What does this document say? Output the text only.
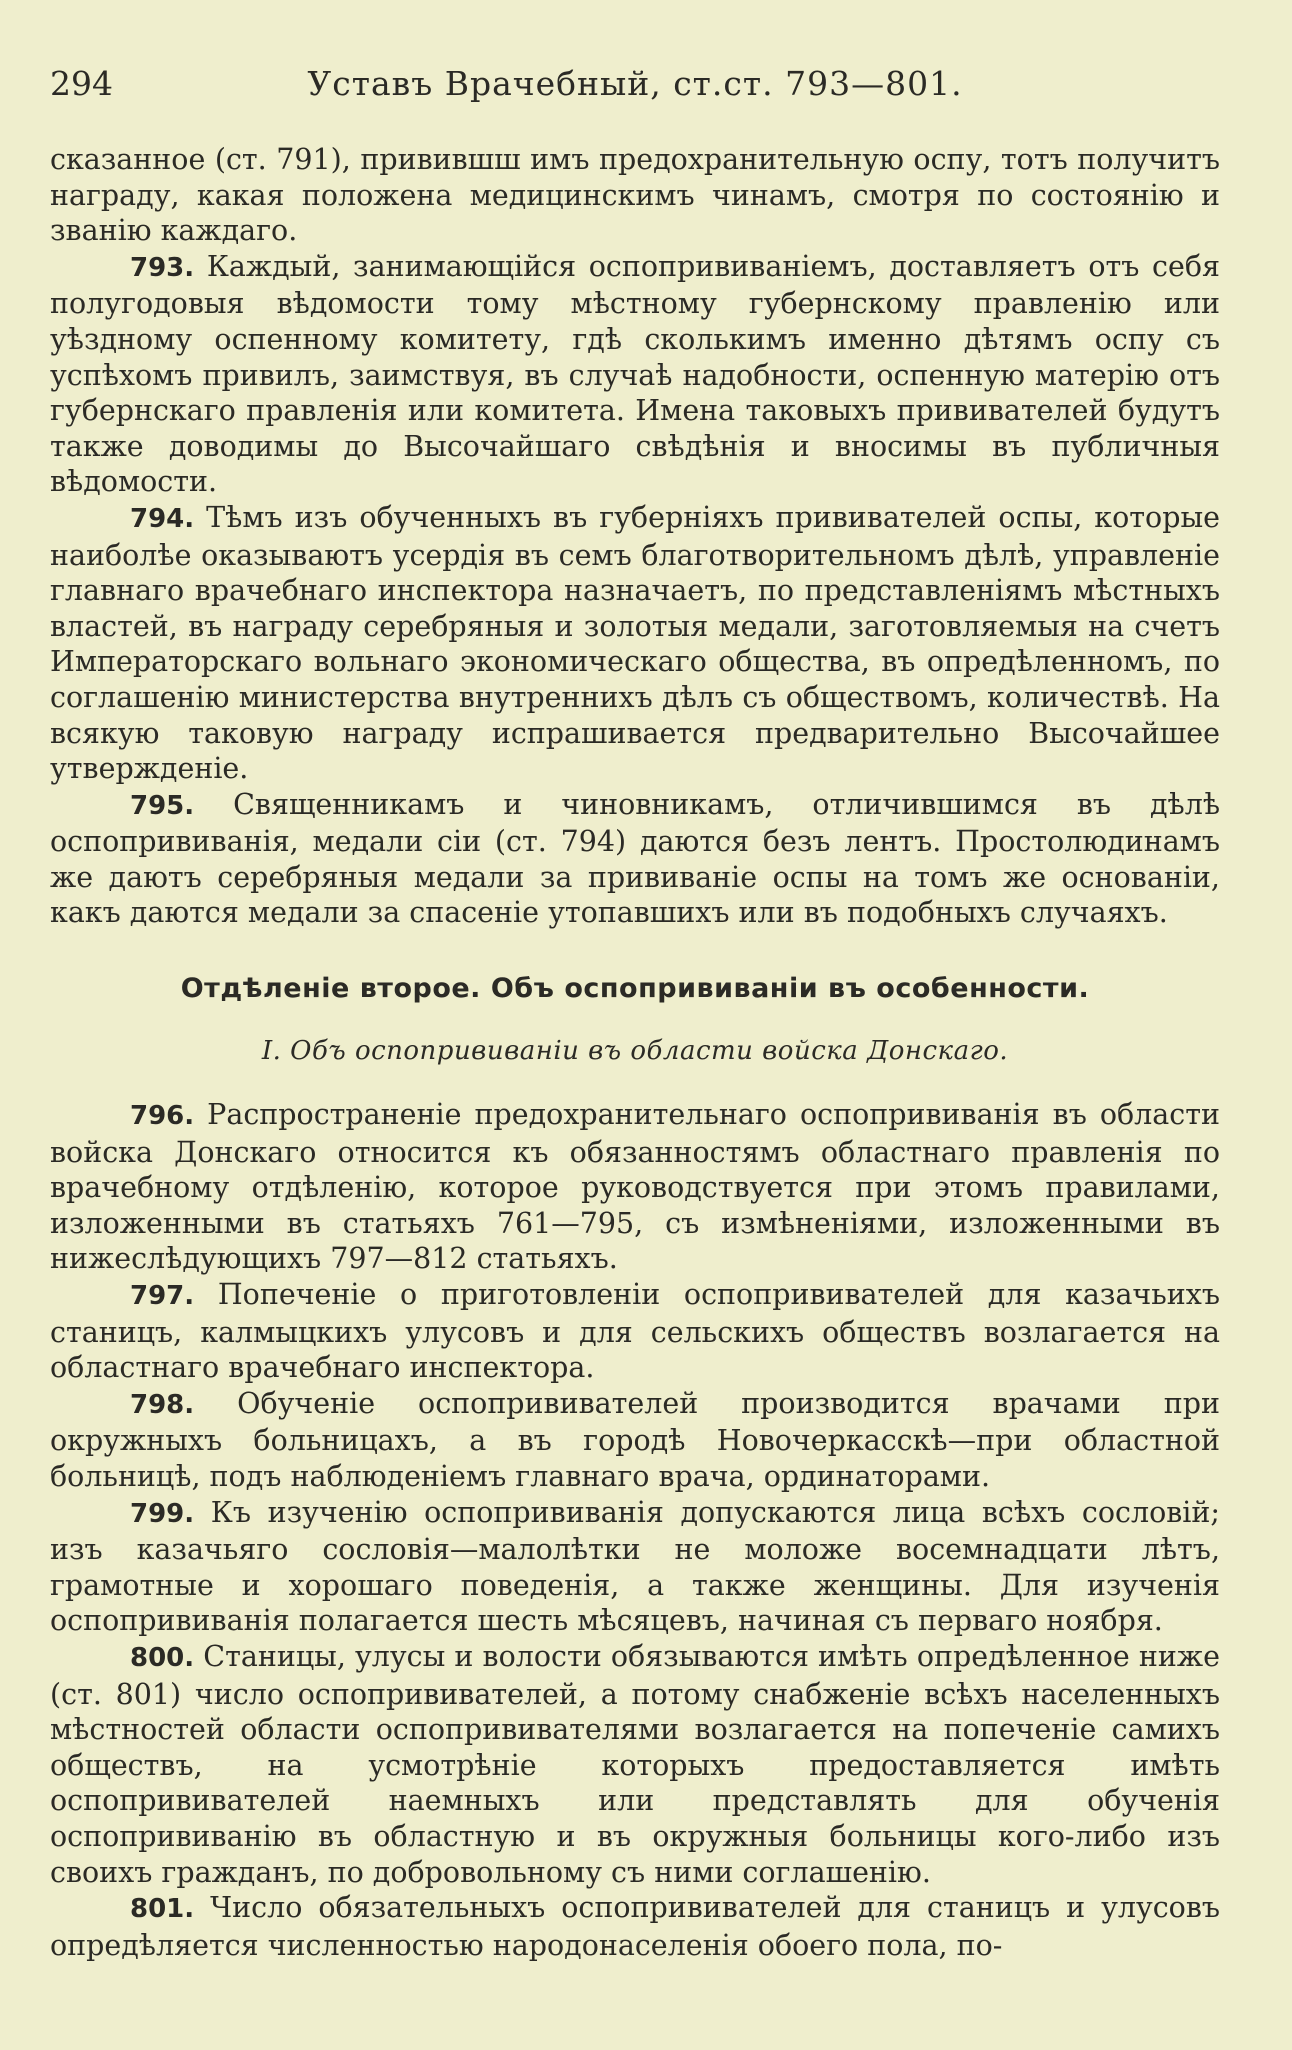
294	Уставъ Врачебный, ст.ст. 793—801.

сказанное (ст. 791), привившш имъ предохранительную оспу, тотъ получитъ награду, какая положена медицинскимъ чинамъ, смотря по состоянію и званію каждаго.

793. Каждый, занимающійся оспопрививаніемъ, доставляетъ отъ себя полугодовыя вѣдомости тому мѣстному губернскому правленію или уѣздному оспенному комитету, гдѣ сколькимъ именно дѣтямъ оспу съ успѣхомъ привилъ, заимствуя, въ случаѣ надобности, оспенную матерію отъ губернскаго правленія или комитета. Имена таковыхъ прививателей будутъ также доводимы до Высочайшаго свѣдѣнія и вносимы въ публичныя вѣдомости.

794. Тѣмъ изъ обученныхъ въ губерніяхъ прививателей оспы, которые наиболѣе оказываютъ усердія въ семъ благотворительномъ дѣлѣ, управленіе главнаго врачебнаго инспектора назначаетъ, по представленіямъ мѣстныхъ властей, въ награду серебряныя и золотыя медали, заготовляемыя на счетъ Императорскаго вольнаго экономическаго общества, въ опредѣленномъ, по соглашенію министерства внутреннихъ дѣлъ съ обществомъ, количествѣ. На всякую таковую награду испрашивается предварительно Высочайшее утвержденіе.

795. Священникамъ и чиновникамъ, отличившимся въ дѣлѣ оспопрививанія, медали сіи (ст. 794) даются безъ лентъ. Простолюдинамъ же даютъ серебряныя медали за прививаніе оспы на томъ же основаніи, какъ даются медали за спасеніе утопавшихъ или въ подобныхъ случаяхъ.

Отдѣленіе второе. Объ оспопрививаніи въ особенности.
I. Объ оспопрививаніи въ области войска Донскаго.

796. Распространеніе предохранительнаго оспопрививанія въ области войска Донскаго относится къ обязанностямъ областнаго правленія по врачебному отдѣленію, которое руководствуется при этомъ правилами, изложенными въ статьяхъ 761—795, съ измѣненіями, изложенными въ нижеслѣдующихъ 797—812 статьяхъ.

797. Попеченіе о приготовленіи оспопрививателей для казачьихъ станицъ, калмыцкихъ улусовъ и для сельскихъ обществъ возлагается на областнаго врачебнаго инспектора.

798. Обученіе оспопрививателей производится врачами при окружныхъ больницахъ, а въ городѣ Новочеркасскѣ—при областной больницѣ, подъ наблюденіемъ главнаго врача, ординаторами.

799. Къ изученію оспопрививанія допускаются лица всѣхъ сословій; изъ казачьяго сословія—малолѣтки не моложе восемнадцати лѣтъ, грамотные и хорошаго поведенія, а также женщины. Для изученія оспопрививанія полагается шесть мѣсяцевъ, начиная съ перваго ноября.

800. Станицы, улусы и волости обязываются имѣть опредѣленное ниже (ст. 801) число оспопрививателей, а потому снабженіе всѣхъ населенныхъ мѣстностей области оспопрививателями возлагается на попеченіе самихъ обществъ, на усмотрѣніе которыхъ предоставляется имѣть оспопрививателей наемныхъ или представлять для обученія оспопрививанію въ областную и въ окружныя больницы кого-либо изъ своихъ гражданъ, по добровольному съ ними соглашенію.

801. Число обязательныхъ оспопрививателей для станицъ и улусовъ опредѣляется численностью народонаселенія обоего пола, по-
